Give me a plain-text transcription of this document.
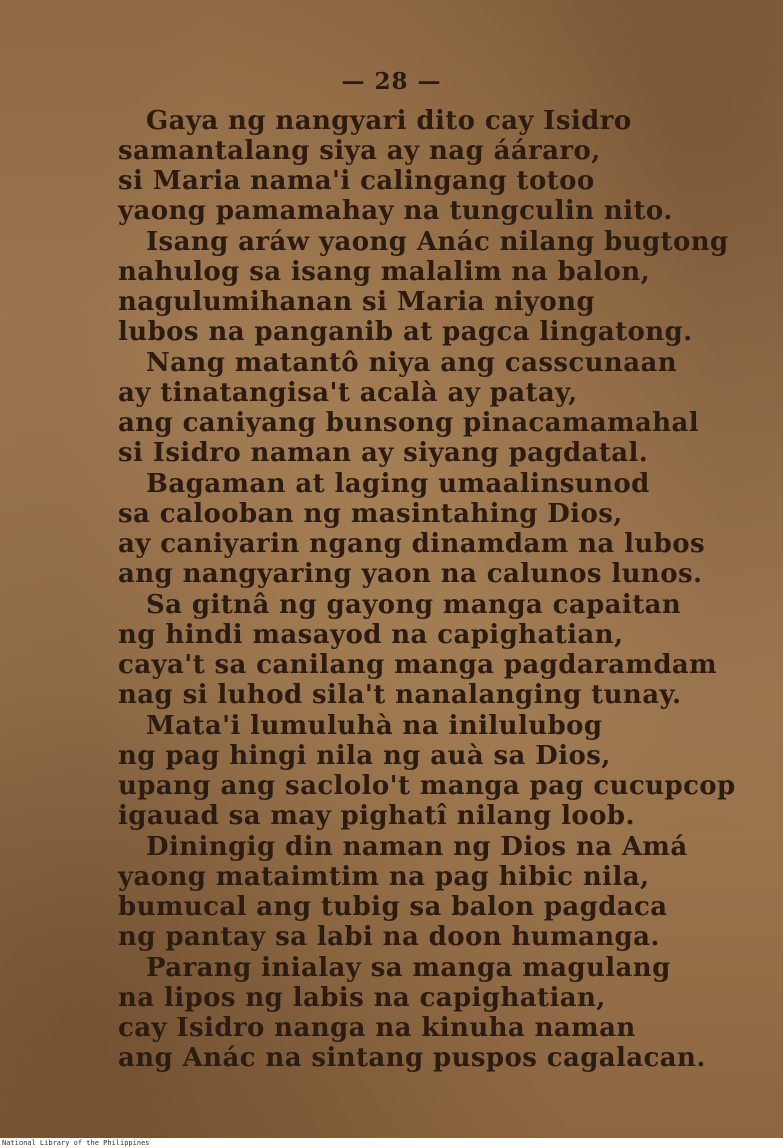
— 28 —
Gaya ng nangyari dito cay Isidro
samantalang siya ay nag ááraro,
si Maria nama'i calingang totoo
yaong pamamahay na tungculin nito.
Isang aráw yaong Anác nilang bugtong
nahulog sa isang malalim na balon,
nagulumihanan si Maria niyong
lubos na panganib at pagca lingatong.
Nang matantô niya ang casscunaan
ay tinatangisa't acalà ay patay,
ang caniyang bunsong pinacamamahal
si Isidro naman ay siyang pagdatal.
Bagaman at laging umaalinsunod
sa calooban ng masintahing Dios,
ay caniyarin ngang dinamdam na lubos
ang nangyaring yaon na calunos lunos.
Sa gitnâ ng gayong manga capaitan
ng hindi masayod na capighatian,
caya't sa canilang manga pagdaramdam
nag si luhod sila't nanalanging tunay.
Mata'i lumuluhà na inilulubog
ng pag hingi nila ng auà sa Dios,
upang ang saclolo't manga pag cucupcop
igauad sa may pighatî nilang loob.
Diningig din naman ng Dios na Amá
yaong mataimtim na pag hibic nila,
bumucal ang tubig sa balon pagdaca
ng pantay sa labi na doon humanga.
Parang inialay sa manga magulang
na lipos ng labis na capighatian,
cay Isidro nanga na kinuha naman
ang Anác na sintang puspos cagalacan.
National Library of the Philippines
